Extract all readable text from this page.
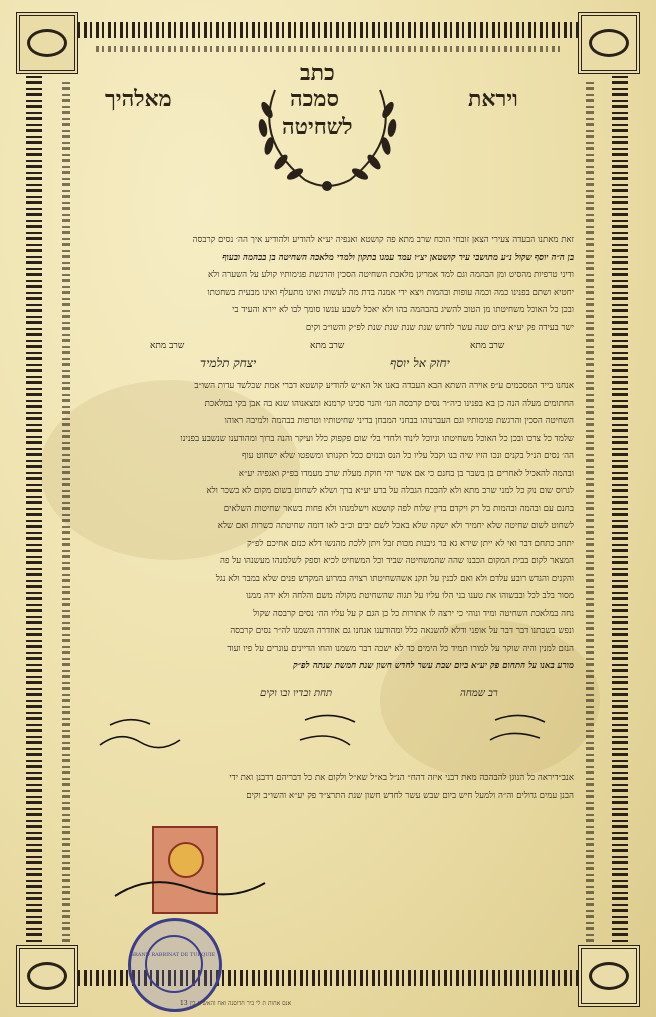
כתב
ויראת
סמכה
מאלהיך
לשחיטה
זאת מאתנו הבעדה צעירי הצאן זובחי הוכח שרב מתא פה קושטא ואנפיה יע״א להודיע ולהודיע איך הה׳ נסים קרבסה
בן ה״ה יוסף שקול נ״ע מתושבי עיר קושטאן יצ״ו עמד עמנו בתקון ולמדי מלאכה השחיטה בן בבהמה ובעוף
ודיני טרפיות מהסיט ומן הבהמה וגם למד אמריגן מלאכת השחיטה הסכין והרגשת פגימותיו קולע על השערה ולא
יחטיא ושתם בפנינו כמה וכמה עופות ובהמות ויצא ידי אמנה בדת מה לעשות ואינו מתעלף ואינו מבעית בשחטתו
ובכן כל האוכל משחיטתו מן הטוב להשיג בהבהמה בהו ולא יאכל לשבע ענשו סומך לבו לא יירא והעיד בי
ישר בעידה פק יע״א ביום שנה עשר לחדש שנת שנת שנת שנת לפ״ק והשו״ב וקים
שרב מתא
שרב מתא
שרב מתא
יחזק אל יוסף
יצחק תלמיד
אנחנו בייד המסכמים ע״פ אוירה השתא הבא העבדה באנו אל הא״ש להודיע קושטא דברי אמת שכלשד עדות השו״ב
החתומים מעלה הנה כן בא בפנינו כיה״ר נסים קרבסה הנז׳ והנר סכינו קרמנא ומצאנוהו שנא בה אבן בקי במלאכת
השחיטה הסכין והרגשת פגימותיו וגם העברנוהו בבחני המבחן בדיני שחיטותיו וטרפות בבהמה ולמיבה ראוהו
שלמד כל צרכו ובכן כל האוכל משחיטתו וניוכל לינוד ולחדי בלי שום פקפוק כלל ועיקר והנה ברוך ומהודענו שנשבע בפנינו
הה׳ נסים הנ״ל בקנים ונכו הזיו שיה בנו וקבל עליו כל הנס ובנזים ככל תקנותו ומשפטו שלא ישחוט עוף
ובהמה להאכיל לאחרים בן בשבר בן בחנם כי אם אשר יהי חוקת מעלת שרב מעמדו בפ״ק ואגפיה יע״א
לגרוס שום נוק כל למני שרב מתא ולא להבכח הגבלה על ברע יע״א ברך ושלא לשחוט בשום מקום לא בשכר ולא
בחנם עם ובהמה ובהמות בל רק ויקדם בדין שלוח לפה קושטא וישלמנהו ולא פחות בשאר שחיטות השלאים
לשחוט לשום שחיטה שלא יחמיר ולא ישקה שלא באכל לשם יבים וכ״ב לאו דומה שחיטתה כשרות ואם שלא
יתחב כתחם דבר ואי לא ייתן שירא גא בר גיבנות מכות זבל ויתן ללכת מהנשו דלא כנזם אחיכם לפ״ק
המצאר לקום בבית המקום הכבנו שהה שהמשחיטה שביד וכל המשחיט לכיא וספק לשלמנהו מעשנהו על פה
והקנים והגדש רובע עלדם ולא ואם לבנין על תקנ אשהשחיטתו רצויה במרוע המקדש פנים שלא במבר ולא נגל
מסור בלב לכל ובבשוהו את טענו בני הלו עליו על תגוה שהשחיטת מקולה משם והלחה ולא ידה ממנו
נחה במלאכת השחיטה ומיד ונוהי כי ירצה לו אתורות כל כן הגם ק על עליו הה׳ נסים קרבסה שקול
ונפש בשכתנו דבר דבר על אופני ודלא להשנאה כלל ומהודענו אנחנו גם אוזדרה השמנו לה״ר נסים קרבסה
הנזם למנין והיה שוקר על למורו תמיד כל הימים כד לא ישכה דבר משמנו והחו הדיינים עונרים על פיו ועוד
מורע באנו על התחום פק יע״א ביום שבת עשר לחדש חשון שנת חמשת שנתה לפ״ק
רב שמחה
תחת ובדיו ובו וקים
אנב״דיראה כל הנוגן להבהכה מאת דבני איזה דהח״ הנ״ל בא״ל שא״ל ולקום את כל דבריהם דדבנן ואת ידי
הבנן עמים גדולים וה״ה ולמעל חיש ביום שבש עשר לחדש חשון שנת התרצ״ד פק יע״א והשו״ב וקים
GRAND RABBINAT DE TURQUIE
אנס אחות ת לי ביר חדוסנה ואח והאשית בין 13
